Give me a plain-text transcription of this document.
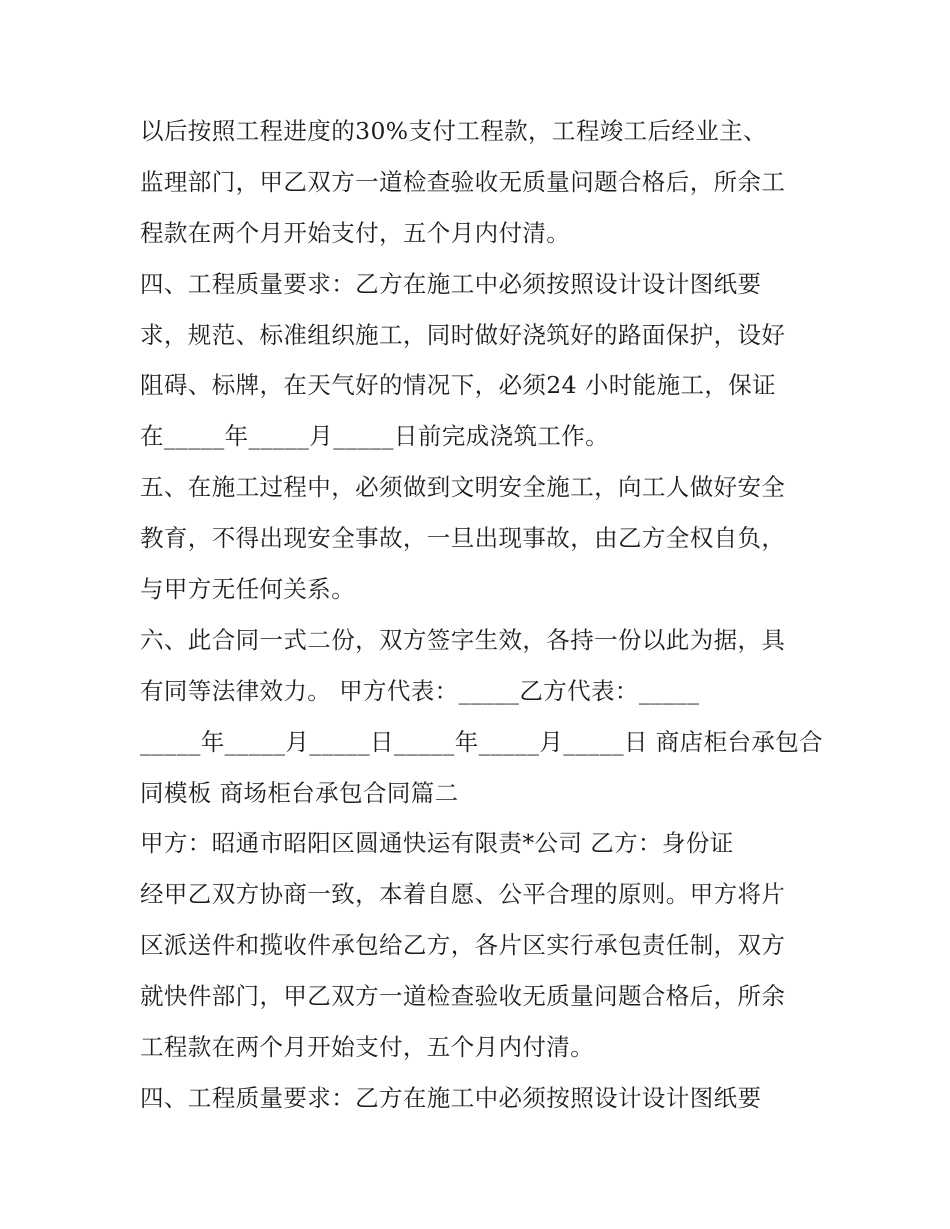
以后按照工程进度的30%支付工程款，工程竣工后经业主、
监理部门，甲乙双方一道检查验收无质量问题合格后，所余工
程款在两个月开始支付，五个月内付清。
四、工程质量要求：乙方在施工中必须按照设计设计图纸要
求，规范、标准组织施工，同时做好浇筑好的路面保护，设好
阻碍、标牌，在天气好的情况下，必须24 小时能施工，保证
在_____年_____月_____日前完成浇筑工作。
五、在施工过程中，必须做到文明安全施工，向工人做好安全
教育，不得出现安全事故，一旦出现事故，由乙方全权自负，
与甲方无任何关系。
六、此合同一式二份，双方签字生效，各持一份以此为据，具
有同等法律效力。 甲方代表：_____乙方代表：_____
_____年_____月_____日_____年_____月_____日 商店柜台承包合
同模板 商场柜台承包合同篇二
甲方：昭通市昭阳区圆通快运有限责*公司 乙方：身份证
经甲乙双方协商一致，本着自愿、公平合理的原则。甲方将片
区派送件和揽收件承包给乙方，各片区实行承包责任制，双方
就快件部门，甲乙双方一道检查验收无质量问题合格后，所余
工程款在两个月开始支付，五个月内付清。
四、工程质量要求：乙方在施工中必须按照设计设计图纸要
